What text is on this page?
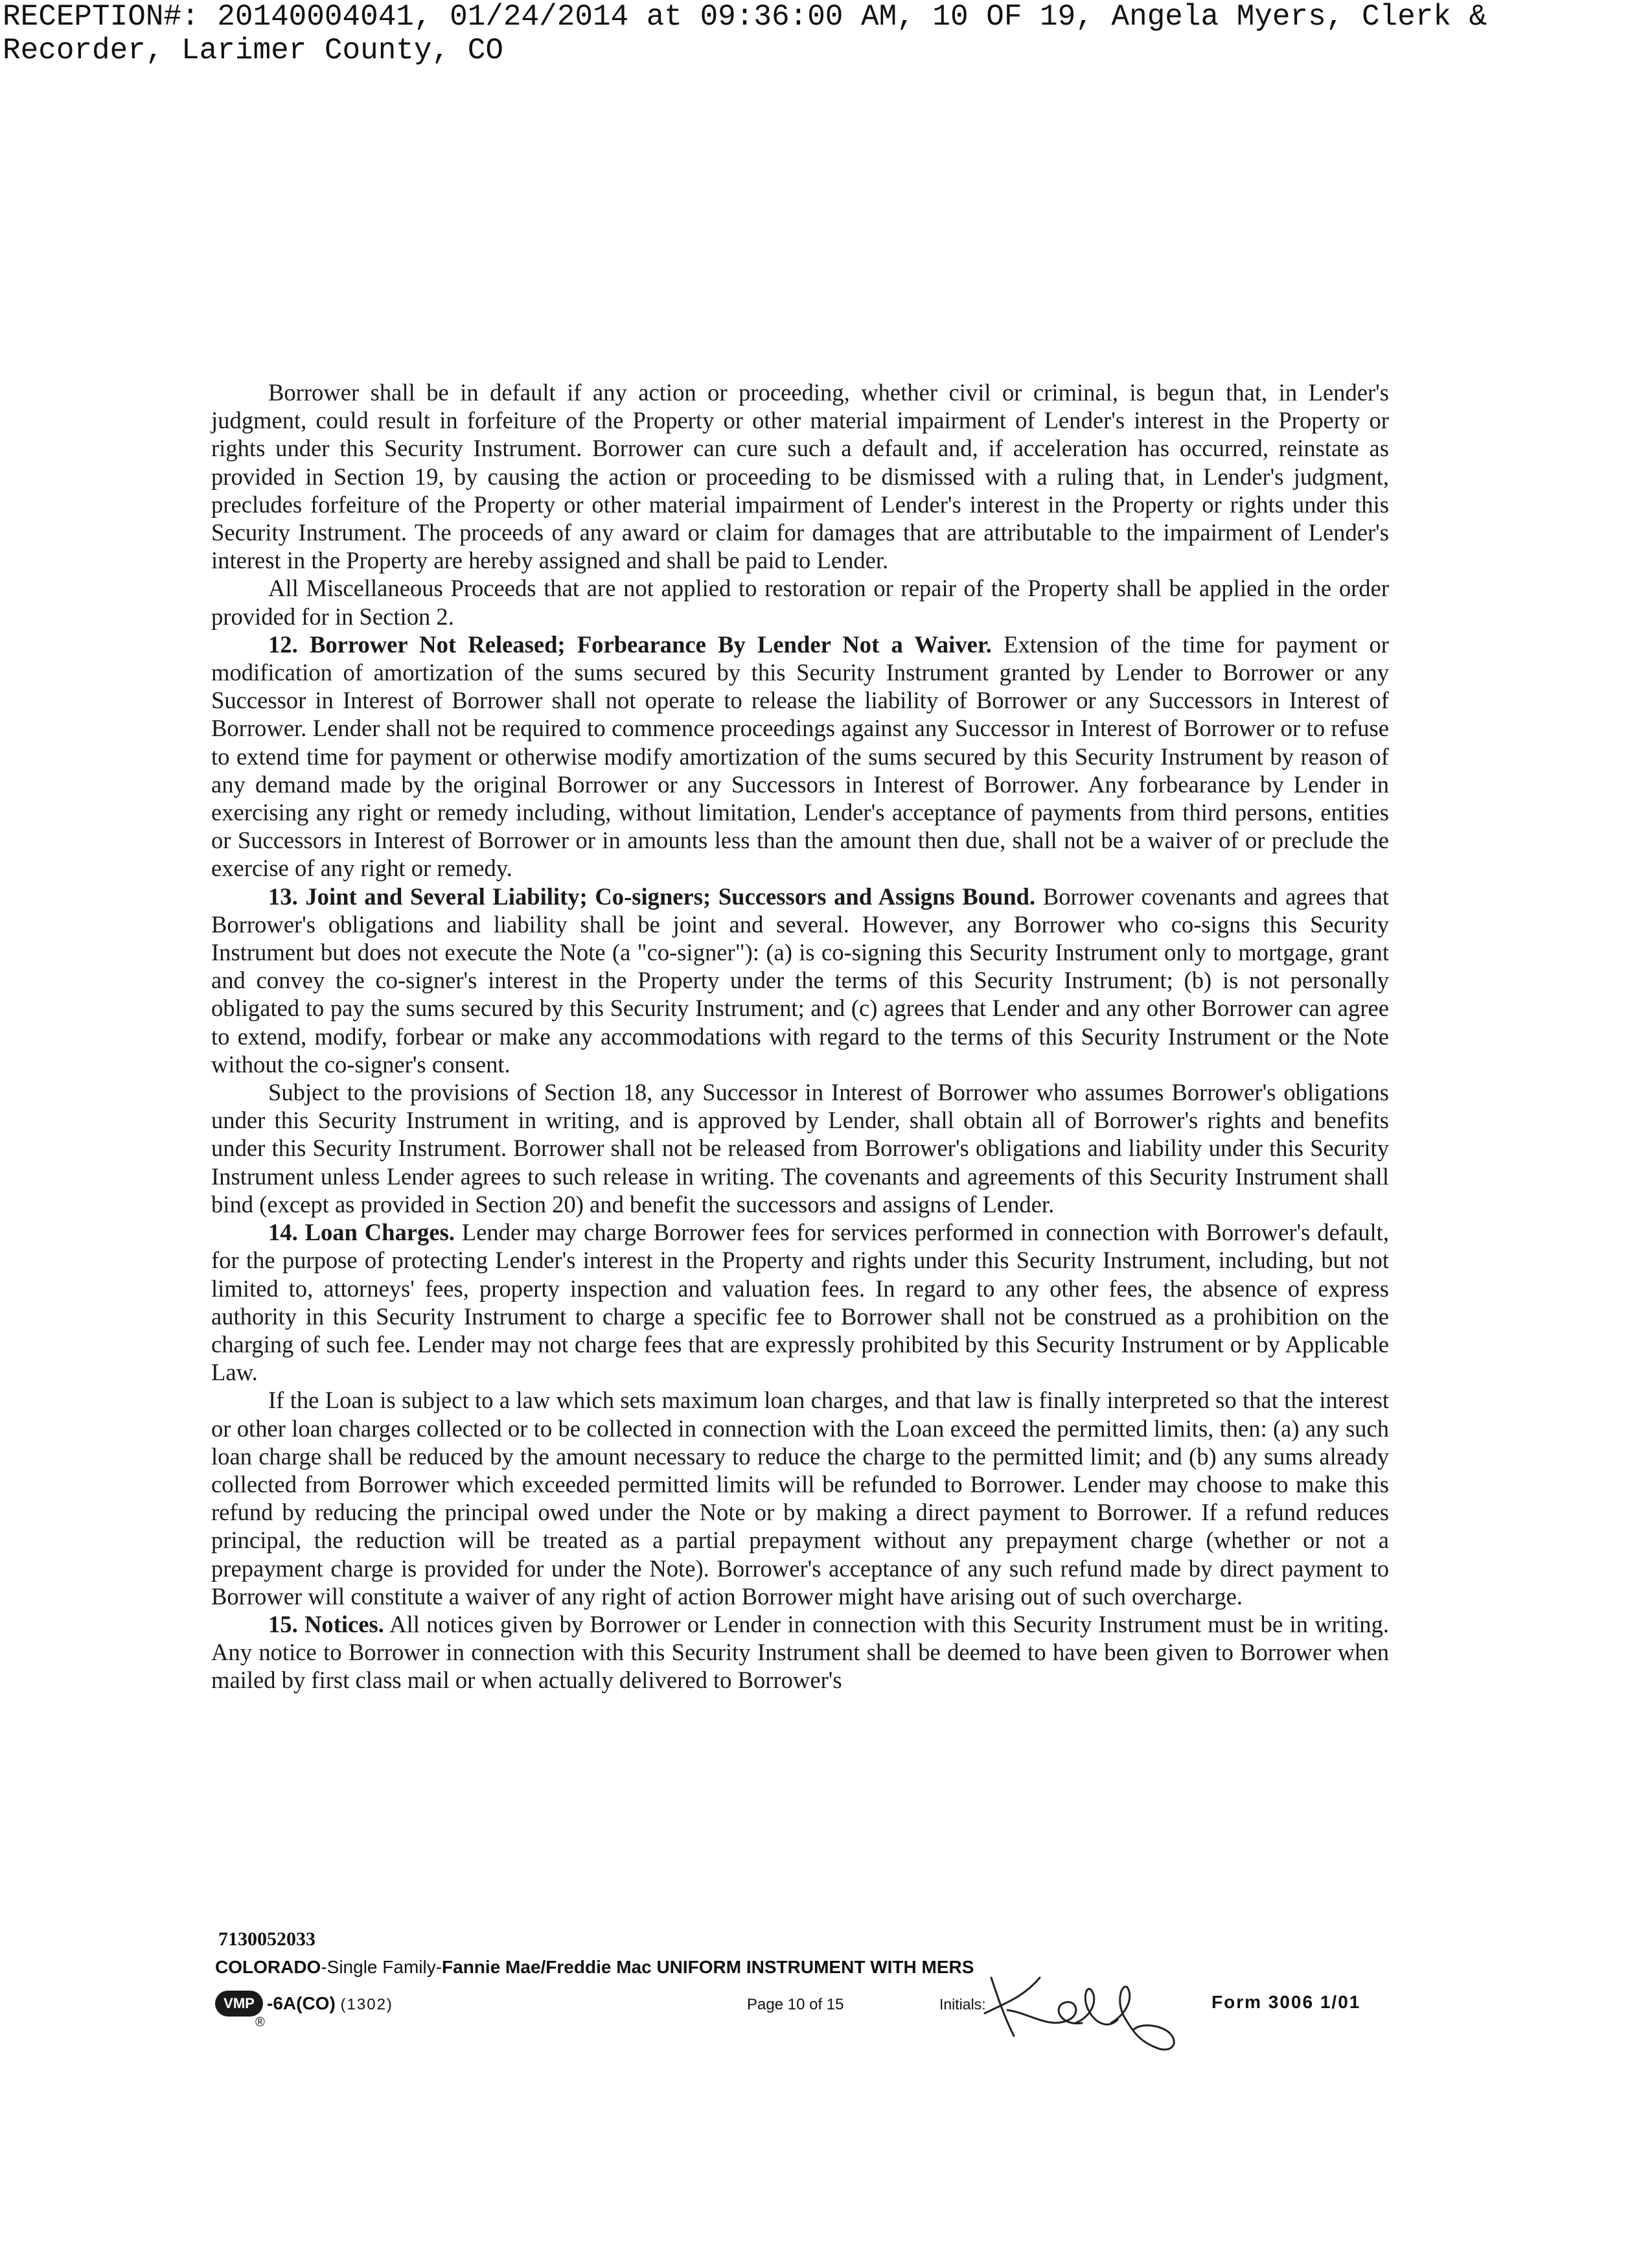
RECEPTION#: 20140004041, 01/24/2014 at 09:36:00 AM, 10 OF 19, Angela Myers, Clerk & Recorder, Larimer County, CO

Borrower shall be in default if any action or proceeding, whether civil or criminal, is begun that, in Lender's judgment, could result in forfeiture of the Property or other material impairment of Lender's interest in the Property or rights under this Security Instrument. Borrower can cure such a default and, if acceleration has occurred, reinstate as provided in Section 19, by causing the action or proceeding to be dismissed with a ruling that, in Lender's judgment, precludes forfeiture of the Property or other material impairment of Lender's interest in the Property or rights under this Security Instrument. The proceeds of any award or claim for damages that are attributable to the impairment of Lender's interest in the Property are hereby assigned and shall be paid to Lender.

All Miscellaneous Proceeds that are not applied to restoration or repair of the Property shall be applied in the order provided for in Section 2.

12. Borrower Not Released; Forbearance By Lender Not a Waiver. Extension of the time for payment or modification of amortization of the sums secured by this Security Instrument granted by Lender to Borrower or any Successor in Interest of Borrower shall not operate to release the liability of Borrower or any Successors in Interest of Borrower. Lender shall not be required to commence proceedings against any Successor in Interest of Borrower or to refuse to extend time for payment or otherwise modify amortization of the sums secured by this Security Instrument by reason of any demand made by the original Borrower or any Successors in Interest of Borrower. Any forbearance by Lender in exercising any right or remedy including, without limitation, Lender's acceptance of payments from third persons, entities or Successors in Interest of Borrower or in amounts less than the amount then due, shall not be a waiver of or preclude the exercise of any right or remedy.

13. Joint and Several Liability; Co-signers; Successors and Assigns Bound. Borrower covenants and agrees that Borrower's obligations and liability shall be joint and several. However, any Borrower who co-signs this Security Instrument but does not execute the Note (a "co-signer"): (a) is co-signing this Security Instrument only to mortgage, grant and convey the co-signer's interest in the Property under the terms of this Security Instrument; (b) is not personally obligated to pay the sums secured by this Security Instrument; and (c) agrees that Lender and any other Borrower can agree to extend, modify, forbear or make any accommodations with regard to the terms of this Security Instrument or the Note without the co-signer's consent.

Subject to the provisions of Section 18, any Successor in Interest of Borrower who assumes Borrower's obligations under this Security Instrument in writing, and is approved by Lender, shall obtain all of Borrower's rights and benefits under this Security Instrument. Borrower shall not be released from Borrower's obligations and liability under this Security Instrument unless Lender agrees to such release in writing. The covenants and agreements of this Security Instrument shall bind (except as provided in Section 20) and benefit the successors and assigns of Lender.

14. Loan Charges. Lender may charge Borrower fees for services performed in connection with Borrower's default, for the purpose of protecting Lender's interest in the Property and rights under this Security Instrument, including, but not limited to, attorneys' fees, property inspection and valuation fees. In regard to any other fees, the absence of express authority in this Security Instrument to charge a specific fee to Borrower shall not be construed as a prohibition on the charging of such fee. Lender may not charge fees that are expressly prohibited by this Security Instrument or by Applicable Law.

If the Loan is subject to a law which sets maximum loan charges, and that law is finally interpreted so that the interest or other loan charges collected or to be collected in connection with the Loan exceed the permitted limits, then: (a) any such loan charge shall be reduced by the amount necessary to reduce the charge to the permitted limit; and (b) any sums already collected from Borrower which exceeded permitted limits will be refunded to Borrower. Lender may choose to make this refund by reducing the principal owed under the Note or by making a direct payment to Borrower. If a refund reduces principal, the reduction will be treated as a partial prepayment without any prepayment charge (whether or not a prepayment charge is provided for under the Note). Borrower's acceptance of any such refund made by direct payment to Borrower will constitute a waiver of any right of action Borrower might have arising out of such overcharge.

15. Notices. All notices given by Borrower or Lender in connection with this Security Instrument must be in writing. Any notice to Borrower in connection with this Security Instrument shall be deemed to have been given to Borrower when mailed by first class mail or when actually delivered to Borrower's

7130052033
COLORADO-Single Family-Fannie Mae/Freddie Mac UNIFORM INSTRUMENT WITH MERS
VMP
®
-6A(CO) (1302)	Page 10 of 15	Initials:	Form 3006 1/01
